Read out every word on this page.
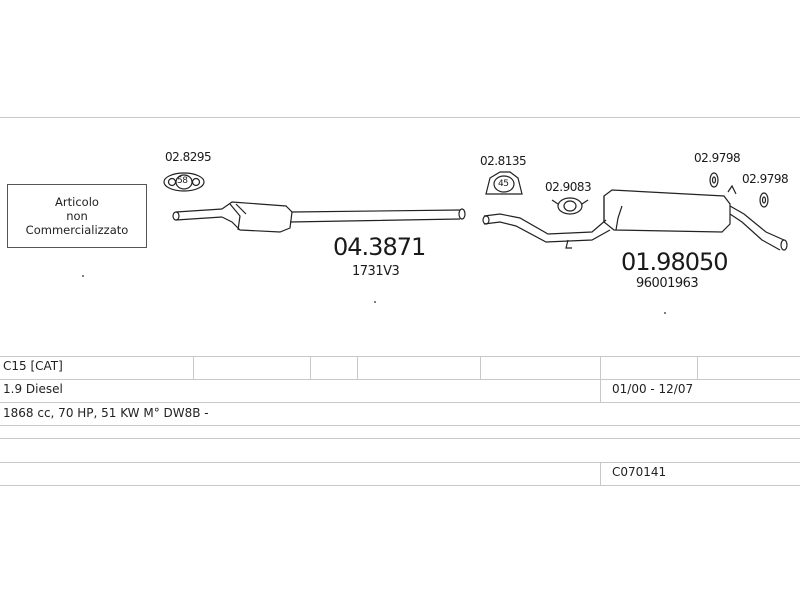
Articolo
non
Commercializzato
02.8295
58
04.3871
1731V3
02.8135
45	02.9083
02.9798
02.9798
01.98050
96001963
C15 [CAT]
1.9 Diesel	01/00 - 12/07
1868 cc, 70 HP, 51 KW M° DW8B -
C070141
